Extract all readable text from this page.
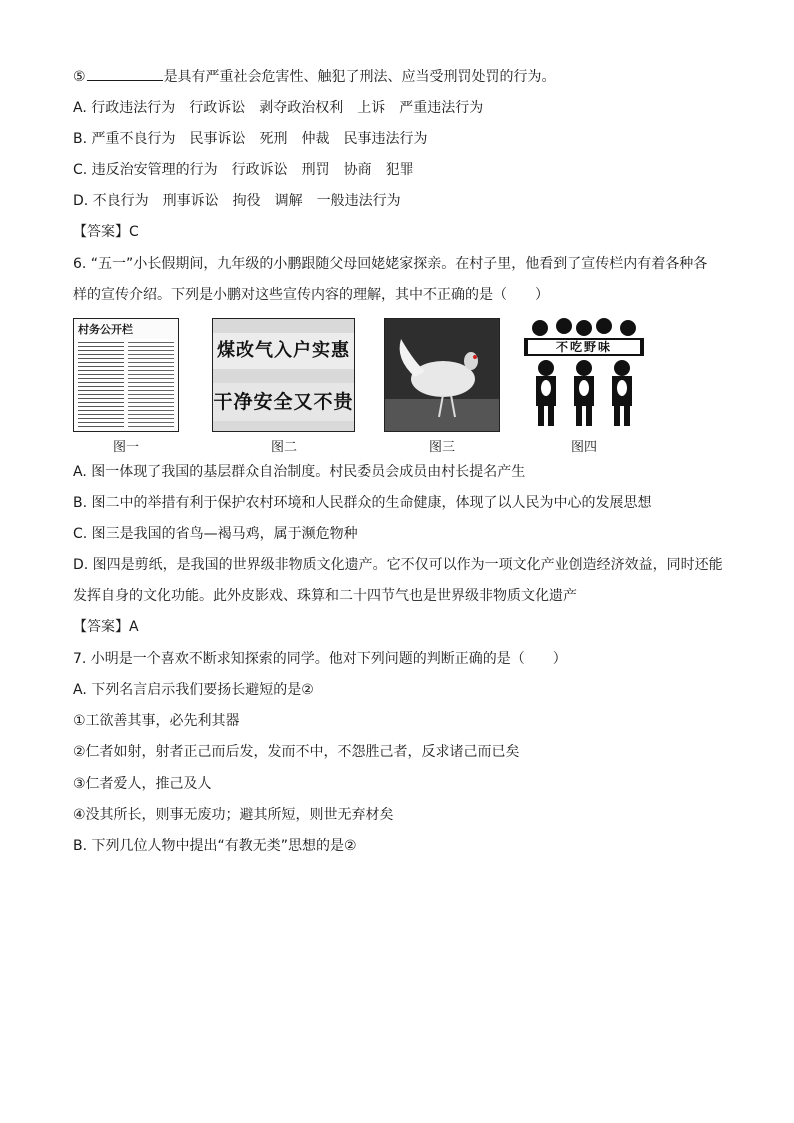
⑤	是具有严重社会危害性、触犯了刑法、应当受刑罚处罚的行为。
A. 行政违法行为　行政诉讼　剥夺政治权利　上诉　严重违法行为
B. 严重不良行为　民事诉讼　死刑　仲裁　民事违法行为
C. 违反治安管理的行为　行政诉讼　刑罚　协商　犯罪
D. 不良行为　刑事诉讼　拘役　调解　一般违法行为
【答案】C
6. “五一”小长假期间，九年级的小鹏跟随父母回姥姥家探亲。在村子里，他看到了宣传栏内有着各种各
样的宣传介绍。下列是小鹏对这些宣传内容的理解，其中不正确的是（　　）
村务公开栏
图一
煤改气入户实惠
干净安全又不贵
图二	图三
不吃野味
图四
A. 图一体现了我国的基层群众自治制度。村民委员会成员由村长提名产生
B. 图二中的举措有利于保护农村环境和人民群众的生命健康，体现了以人民为中心的发展思想
C. 图三是我国的省鸟—褐马鸡，属于濒危物种
D. 图四是剪纸，是我国的世界级非物质文化遗产。它不仅可以作为一项文化产业创造经济效益，同时还能
发挥自身的文化功能。此外皮影戏、珠算和二十四节气也是世界级非物质文化遗产
【答案】A
7. 小明是一个喜欢不断求知探索的同学。他对下列问题的判断正确的是（　　）
A. 下列名言启示我们要扬长避短的是②
①工欲善其事，必先利其器
②仁者如射，射者正己而后发，发而不中，不怨胜己者，反求诸己而已矣
③仁者爱人，推己及人
④没其所长，则事无废功；避其所短，则世无弃材矣
B. 下列几位人物中提出“有教无类”思想的是②
